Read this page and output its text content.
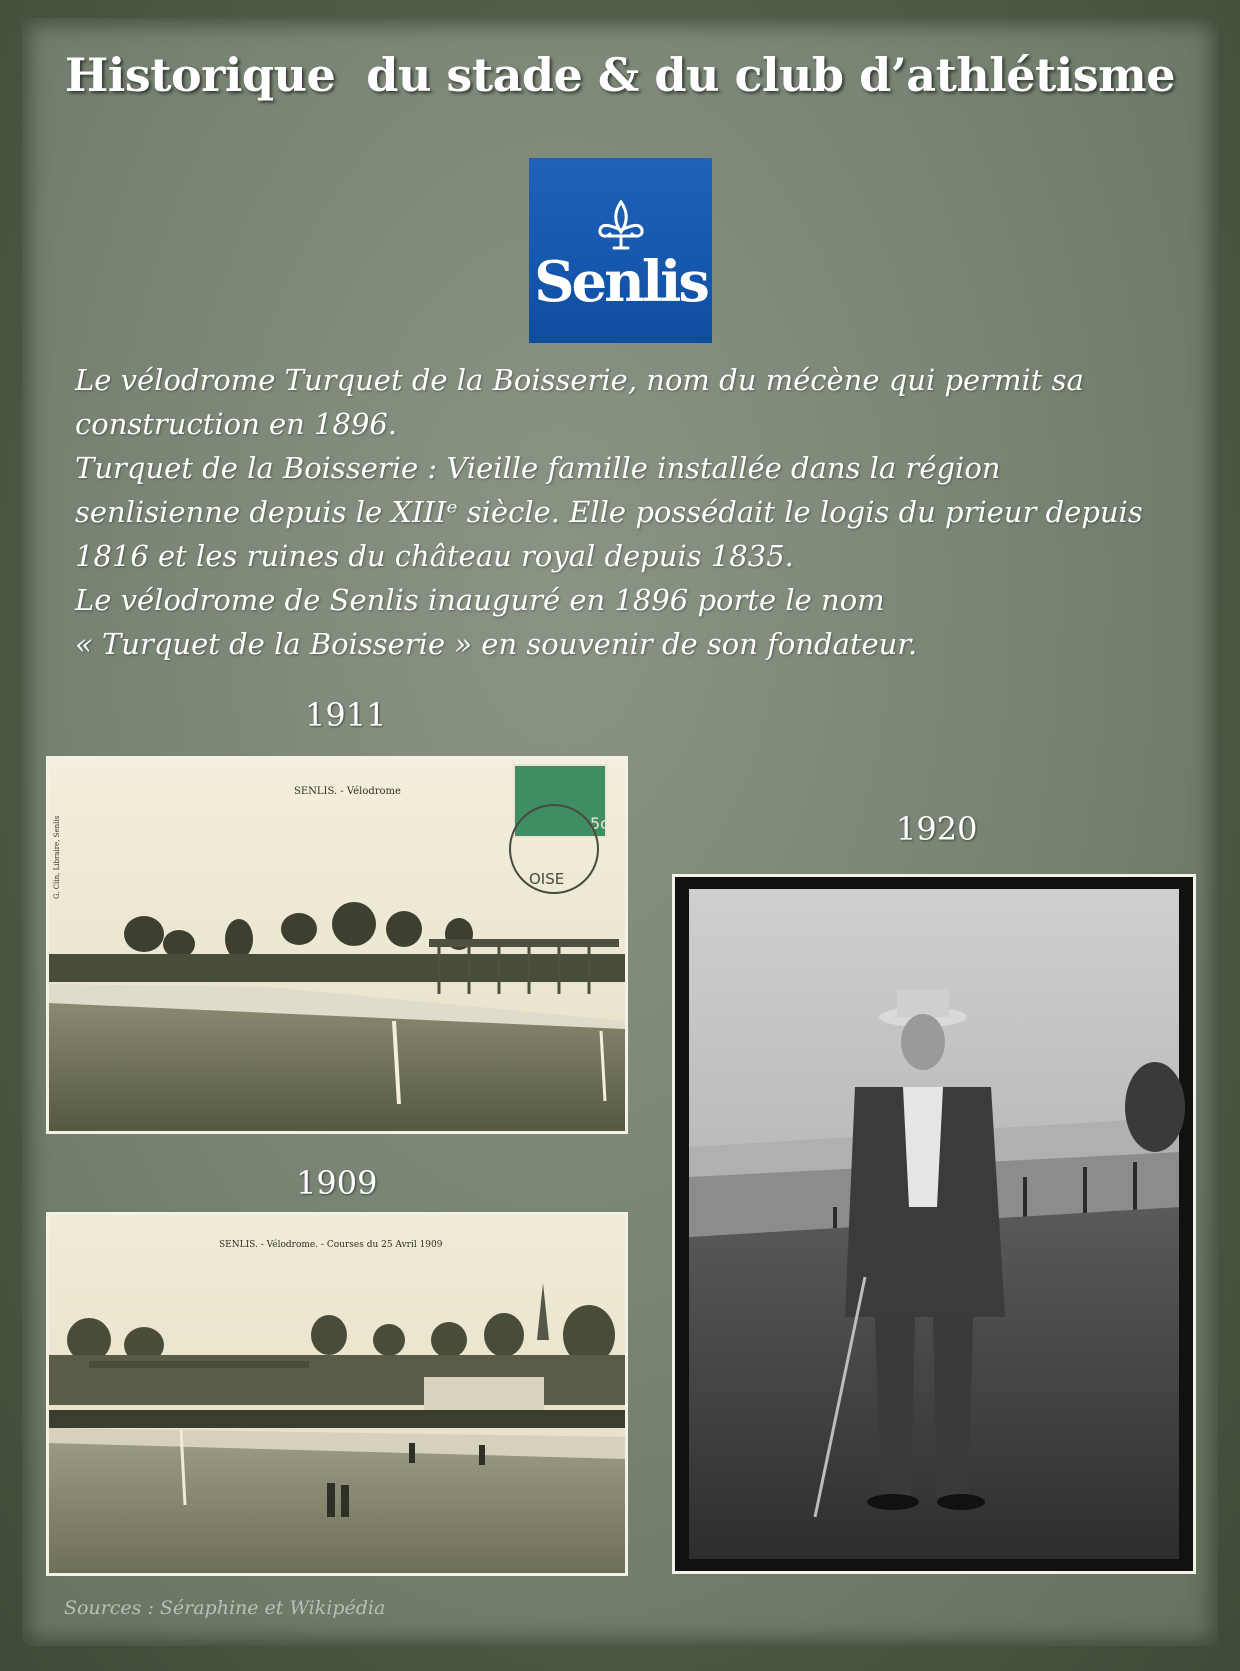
Historique  du stade & du club d’athlétisme
Senlis
Le vélodrome Turquet de la Boisserie, nom du mécène qui permit sa
construction en 1896.
Turquet de la Boisserie : Vieille famille installée dans la région
senlisienne depuis le XIIIᵉ siècle. Elle possédait le logis du prieur depuis
1816 et les ruines du château royal depuis 1835.
Le vélodrome de Senlis inauguré en 1896 porte le nom
« Turquet de la Boisserie » en souvenir de son fondateur.
1911
1920
1909
5c
OISE
SENLIS. - Vélodrome
G. Clin, Libraire, Senlis
SENLIS. - Vélodrome. - Courses du 25 Avril 1909
Sources : Séraphine et Wikipédia
